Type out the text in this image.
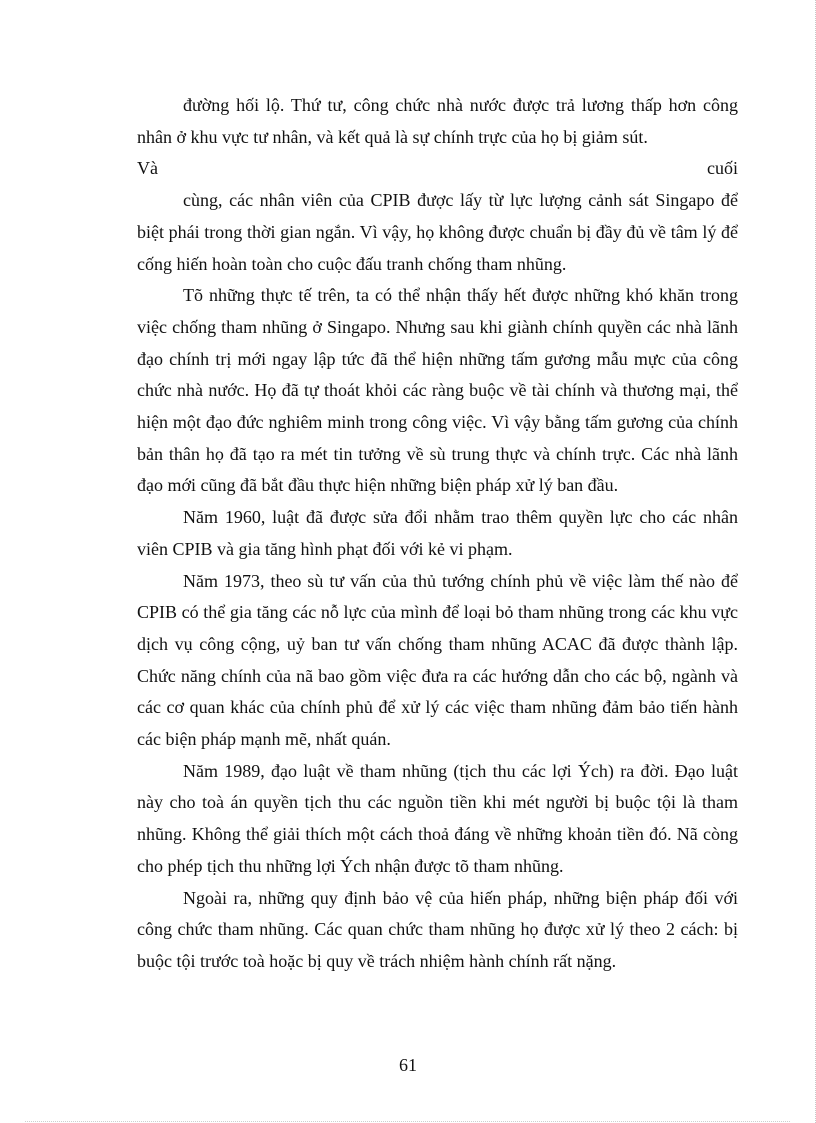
đường hối lộ. Thứ tư, công chức nhà nước được trả lương thấp hơn công nhân ở khu vực tư nhân, và kết quả là sự chính trực của họ bị giảm sút.

Và	cuối

cùng, các nhân viên của CPIB được lấy từ lực lượng cảnh sát Singapo để biệt phái trong thời gian ngắn. Vì vậy, họ không được chuẩn bị đầy đủ về tâm lý để cống hiến hoàn toàn cho cuộc đấu tranh chống tham nhũng.

Tõ những thực tế trên, ta có thể nhận thấy hết được những khó khăn trong việc chống tham nhũng ở Singapo. Nhưng sau khi giành chính quyền các nhà lãnh đạo chính trị mới ngay lập tức đã thể hiện những tấm gương mẫu mực của công chức nhà nước. Họ đã tự thoát khỏi các ràng buộc về tài chính và thương mại, thể hiện một đạo đức nghiêm minh trong công việc. Vì vậy bằng tấm gương của chính bản thân họ đã tạo ra mét tin tưởng về sù trung thực và chính trực. Các nhà lãnh đạo mới cũng đã bắt đầu thực hiện những biện pháp xử lý ban đầu.

Năm 1960, luật đã được sửa đổi nhằm trao thêm quyền lực cho các nhân viên CPIB và gia tăng hình phạt đối với kẻ vi phạm.

Năm 1973, theo sù tư vấn của thủ tướng chính phủ về việc làm thế nào để CPIB có thể gia tăng các nỗ lực của mình để loại bỏ tham nhũng trong các khu vực dịch vụ công cộng, uỷ ban tư vấn chống tham nhũng ACAC đã được thành lập. Chức năng chính của nã bao gồm việc đưa ra các hướng dẫn cho các bộ, ngành và các cơ quan khác của chính phủ để xử lý các việc tham nhũng đảm bảo tiến hành các biện pháp mạnh mẽ, nhất quán.

Năm 1989, đạo luật về tham nhũng (tịch thu các lợi Ých) ra đời. Đạo luật này cho toà án quyền tịch thu các nguồn tiền khi mét người bị buộc tội là tham nhũng. Không thể giải thích một cách thoả đáng về những khoản tiền đó. Nã còng cho phép tịch thu những lợi Ých nhận được tõ tham nhũng.

Ngoài ra, những quy định bảo vệ của hiến pháp, những biện pháp đối với công chức tham nhũng. Các quan chức tham nhũng họ được xử lý theo 2 cách: bị buộc tội trước toà hoặc bị quy về trách nhiệm hành chính rất nặng.

61
